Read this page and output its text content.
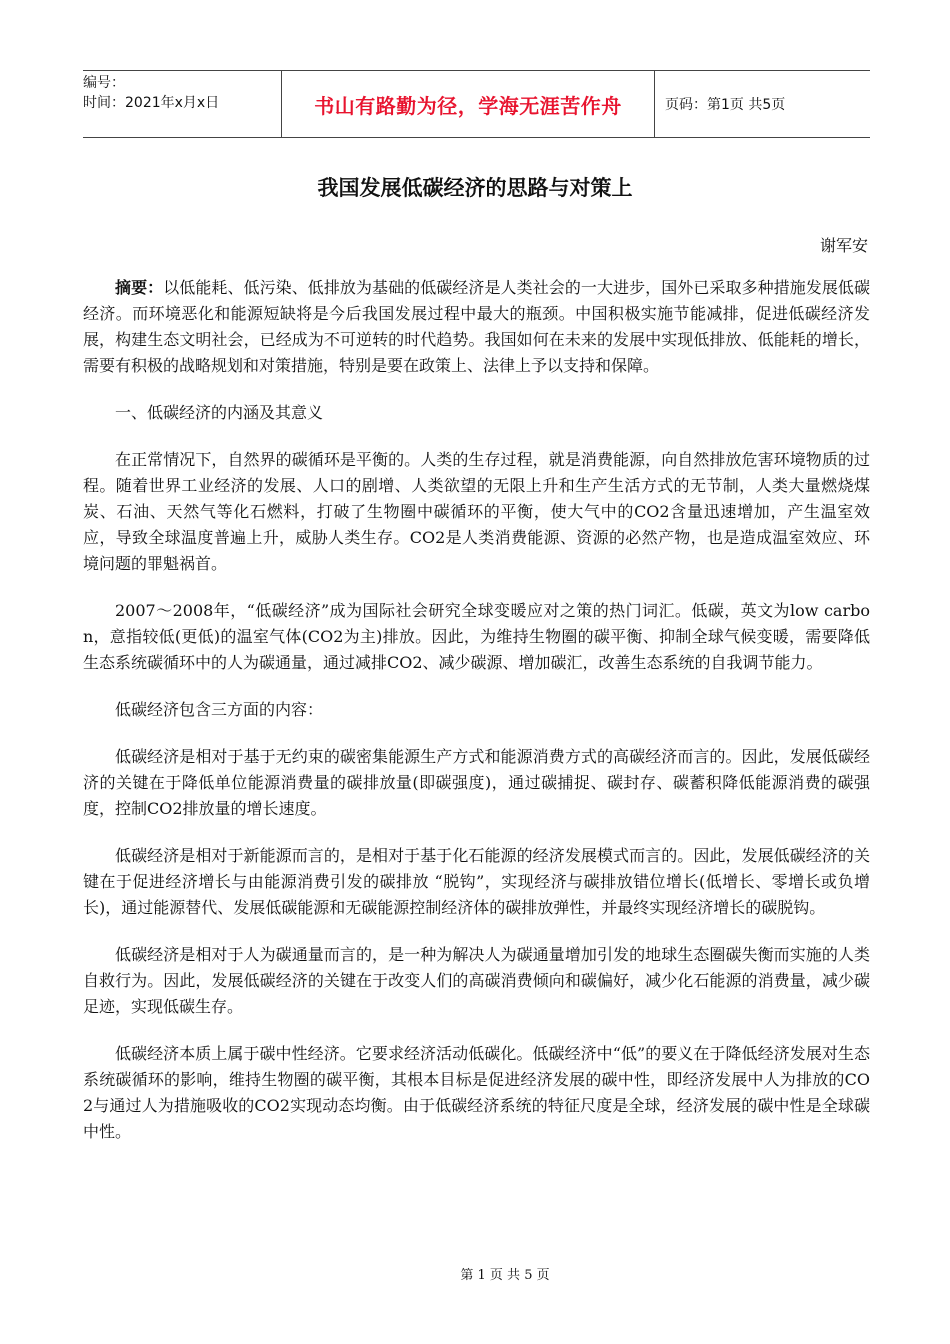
编号：
时间：2021年x月x日	书山有路勤为径，学海无涯苦作舟	页码：第1页 共5页
我国发展低碳经济的思路与对策上
谢军安

摘要：以低能耗、低污染、低排放为基础的低碳经济是人类社会的一大进步，国外已采取多种措施发展低碳经济。而环境恶化和能源短缺将是今后我国发展过程中最大的瓶颈。中国积极实施节能减排，促进低碳经济发展，构建生态文明社会，已经成为不可逆转的时代趋势。我国如何在未来的发展中实现低排放、低能耗的增长，需要有积极的战略规划和对策措施，特别是要在政策上、法律上予以支持和保障。

一、低碳经济的内涵及其意义

在正常情况下，自然界的碳循环是平衡的。人类的生存过程，就是消费能源，向自然排放危害环境物质的过程。随着世界工业经济的发展、人口的剧增、人类欲望的无限上升和生产生活方式的无节制，人类大量燃烧煤炭、石油、天然气等化石燃料，打破了生物圈中碳循环的平衡，使大气中的CO2含量迅速增加，产生温室效应，导致全球温度普遍上升，威胁人类生存。CO2是人类消费能源、资源的必然产物，也是造成温室效应、环境问题的罪魁祸首。

2007～2008年，“低碳经济”成为国际社会研究全球变暖应对之策的热门词汇。低碳，英文为low carbon，意指较低(更低)的温室气体(CO2为主)排放。因此，为维持生物圈的碳平衡、抑制全球气候变暖，需要降低生态系统碳循环中的人为碳通量，通过减排CO2、减少碳源、增加碳汇，改善生态系统的自我调节能力。

低碳经济包含三方面的内容：

低碳经济是相对于基于无约束的碳密集能源生产方式和能源消费方式的高碳经济而言的。因此，发展低碳经济的关键在于降低单位能源消费量的碳排放量(即碳强度)，通过碳捕捉、碳封存、碳蓄积降低能源消费的碳强度，控制CO2排放量的增长速度。

低碳经济是相对于新能源而言的，是相对于基于化石能源的经济发展模式而言的。因此，发展低碳经济的关键在于促进经济增长与由能源消费引发的碳排放 “脱钩”，实现经济与碳排放错位增长(低增长、零增长或负增长)，通过能源替代、发展低碳能源和无碳能源控制经济体的碳排放弹性，并最终实现经济增长的碳脱钩。

低碳经济是相对于人为碳通量而言的，是一种为解决人为碳通量增加引发的地球生态圈碳失衡而实施的人类自救行为。因此，发展低碳经济的关键在于改变人们的高碳消费倾向和碳偏好，减少化石能源的消费量，减少碳足迹，实现低碳生存。

低碳经济本质上属于碳中性经济。它要求经济活动低碳化。低碳经济中“低”的要义在于降低经济发展对生态系统碳循环的影响，维持生物圈的碳平衡，其根本目标是促进经济发展的碳中性，即经济发展中人为排放的CO2与通过人为措施吸收的CO2实现动态均衡。由于低碳经济系统的特征尺度是全球，经济发展的碳中性是全球碳中性。

第 1 页 共 5 页
